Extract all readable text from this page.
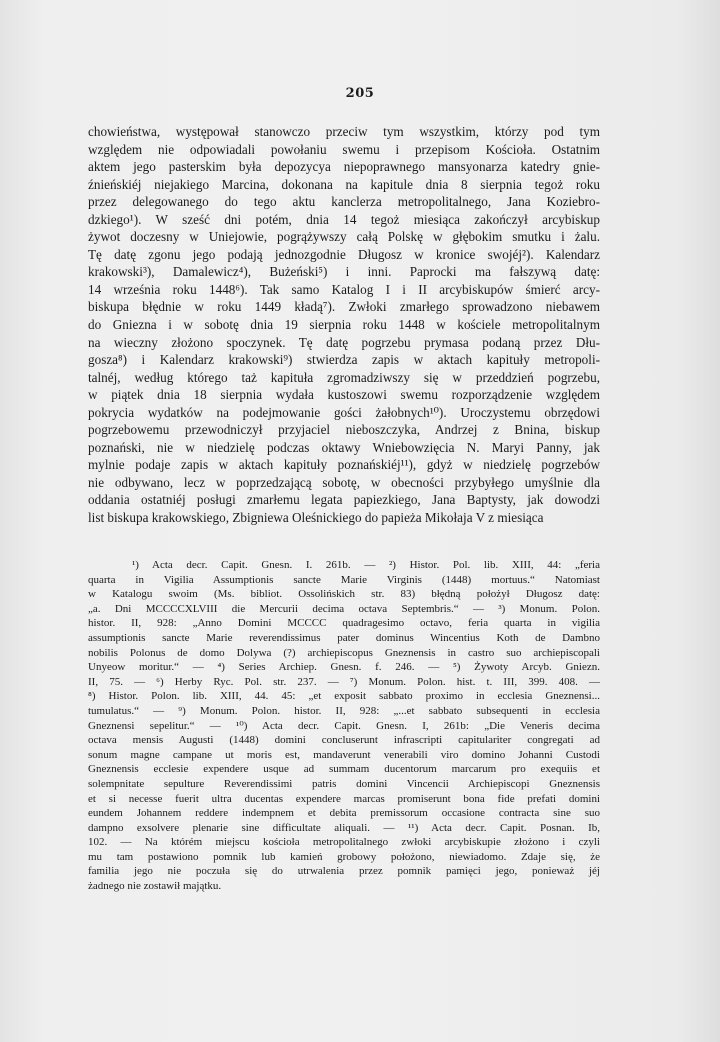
205
chowieństwa, występował stanowczo przeciw tym wszystkim, którzy pod tym
względem nie odpowiadali powołaniu swemu i przepisom Kościoła. Ostatnim
aktem jego pasterskim była depozycya niepoprawnego mansyonarza katedry gnie-
źnieńskiéj niejakiego Marcina, dokonana na kapitule dnia 8 sierpnia tegoż roku
przez delegowanego do tego aktu kanclerza metropolitalnego, Jana Koziebro-
dzkiego¹). W sześć dni potém, dnia 14 tegoż miesiąca zakończył arcybiskup
żywot doczesny w Uniejowie, pogrążywszy całą Polskę w głębokim smutku i żalu.
Tę datę zgonu jego podają jednozgodnie Długosz w kronice swojéj²). Kalendarz
krakowski³), Damalewicz⁴), Bużeński⁵) i inni. Paprocki ma fałszywą datę:
14 września roku 1448⁶). Tak samo Katalog I i II arcybiskupów śmierć arcy-
biskupa błędnie w roku 1449 kładą⁷). Zwłoki zmarłego sprowadzono niebawem
do Gniezna i w sobotę dnia 19 sierpnia roku 1448 w kościele metropolitalnym
na wieczny złożono spoczynek. Tę datę pogrzebu prymasa podaną przez Dłu-
gosza⁸) i Kalendarz krakowski⁹) stwierdza zapis w aktach kapituły metropoli-
talnéj, według którego taż kapituła zgromadziwszy się w przeddzień pogrzebu,
w piątek dnia 18 sierpnia wydała kustoszowi swemu rozporządzenie względem
pokrycia wydatków na podejmowanie gości żałobnych¹⁰). Uroczystemu obrzędowi
pogrzebowemu przewodniczył przyjaciel nieboszczyka, Andrzej z Bnina, biskup
poznański, nie w niedzielę podczas oktawy Wniebowzięcia N. Maryi Panny, jak
mylnie podaje zapis w aktach kapituły poznańskiéj¹¹), gdyż w niedzielę pogrzebów
nie odbywano, lecz w poprzedzającą sobotę, w obecności przybyłego umyślnie dla
oddania ostatniéj posługi zmarłemu legata papiezkiego, Jana Baptysty, jak dowodzi
list biskupa krakowskiego, Zbigniewa Oleśnickiego do papieża Mikołaja V z miesiąca
¹) Acta decr. Capit. Gnesn. I. 261b. — ²) Histor. Pol. lib. XIII, 44: „feria
quarta in Vigilia Assumptionis sancte Marie Virginis (1448) mortuus.“ Natomiast
w Katalogu swoim (Ms. bibliot. Ossolińskich str. 83) błędną położył Długosz datę:
„a. Dni MCCCCXLVIII die Mercurii decima octava Septembris.“ — ³) Monum. Polon.
histor. II, 928: „Anno Domini MCCCC quadragesimo octavo, feria quarta in vigilia
assumptionis sancte Marie reverendissimus pater dominus Wincentius Koth de Dambno
nobilis Polonus de domo Dolywa (?) archiepiscopus Gneznensis in castro suo archiepiscopali
Unyeow moritur.“ — ⁴) Series Archiep. Gnesn. f. 246. — ⁵) Żywoty Arcyb. Gniezn.
II, 75. — ⁶) Herby Ryc. Pol. str. 237. — ⁷) Monum. Polon. hist. t. III, 399. 408. —
⁸) Histor. Polon. lib. XIII, 44. 45: „et exposit sabbato proximo in ecclesia Gneznensi...
tumulatus.“ — ⁹) Monum. Polon. histor. II, 928: „...et sabbato subsequenti in ecclesia
Gneznensi sepelitur.“ — ¹⁰) Acta decr. Capit. Gnesn. I, 261b: „Die Veneris decima
octava mensis Augusti (1448) domini concluserunt infrascripti capitulariter congregati ad
sonum magne campane ut moris est, mandaverunt venerabili viro domino Johanni Custodi
Gneznensis ecclesie expendere usque ad summam ducentorum marcarum pro exequiis et
solempnitate sepulture Reverendissimi patris domini Vincencii Archiepiscopi Gneznensis
et si necesse fuerit ultra ducentas expendere marcas promiserunt bona fide prefati domini
eundem Johannem reddere indempnem et debita premissorum occasione contracta sine suo
dampno exsolvere plenarie sine difficultate aliquali. — ¹¹) Acta decr. Capit. Posnan. Ib,
102. — Na którém miejscu kościoła metropolitalnego zwłoki arcybiskupie złożono i czyli
mu tam postawiono pomnik lub kamień grobowy położono, niewiadomo. Zdaje się, że
familia jego nie poczuła się do utrwalenia przez pomnik pamięci jego, ponieważ jéj
żadnego nie zostawił majątku.
